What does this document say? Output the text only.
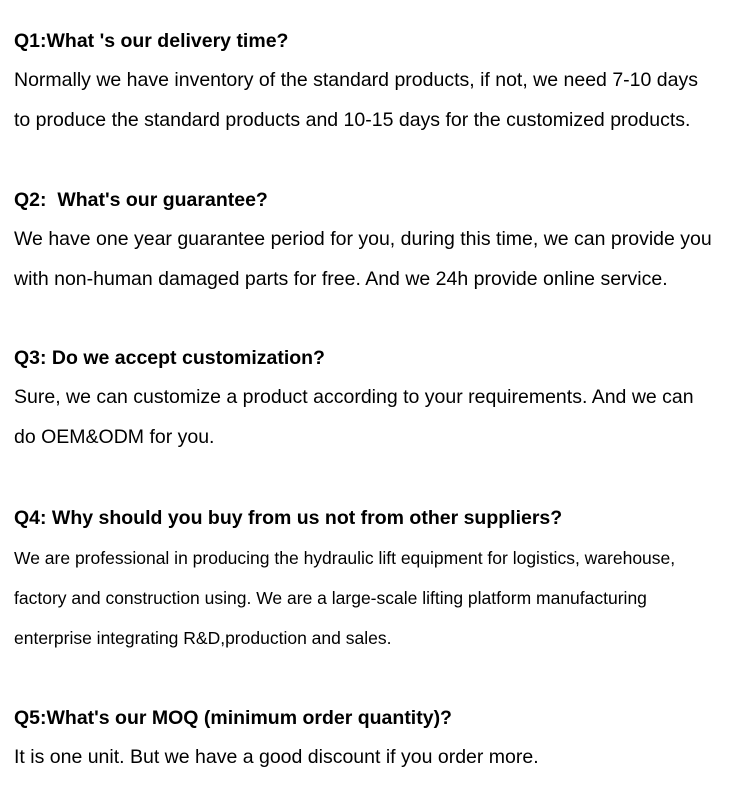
Q1:What 's our delivery time?

Normally we have inventory of the standard products, if not, we need 7-10 days
to produce the standard products and 10-15 days for the customized products.

Q2:  What's our guarantee?

We have one year guarantee period for you, during this time, we can provide you
with non-human damaged parts for free. And we 24h provide online service.

Q3: Do we accept customization?

Sure, we can customize a product according to your requirements. And we can
do OEM&ODM for you.

Q4: Why should you buy from us not from other suppliers?

We are professional in producing the hydraulic lift equipment for logistics, warehouse,
factory and construction using. We are a large-scale lifting platform manufacturing
enterprise integrating R&D,production and sales.

Q5:What's our MOQ (minimum order quantity)?

It is one unit. But we have a good discount if you order more.
